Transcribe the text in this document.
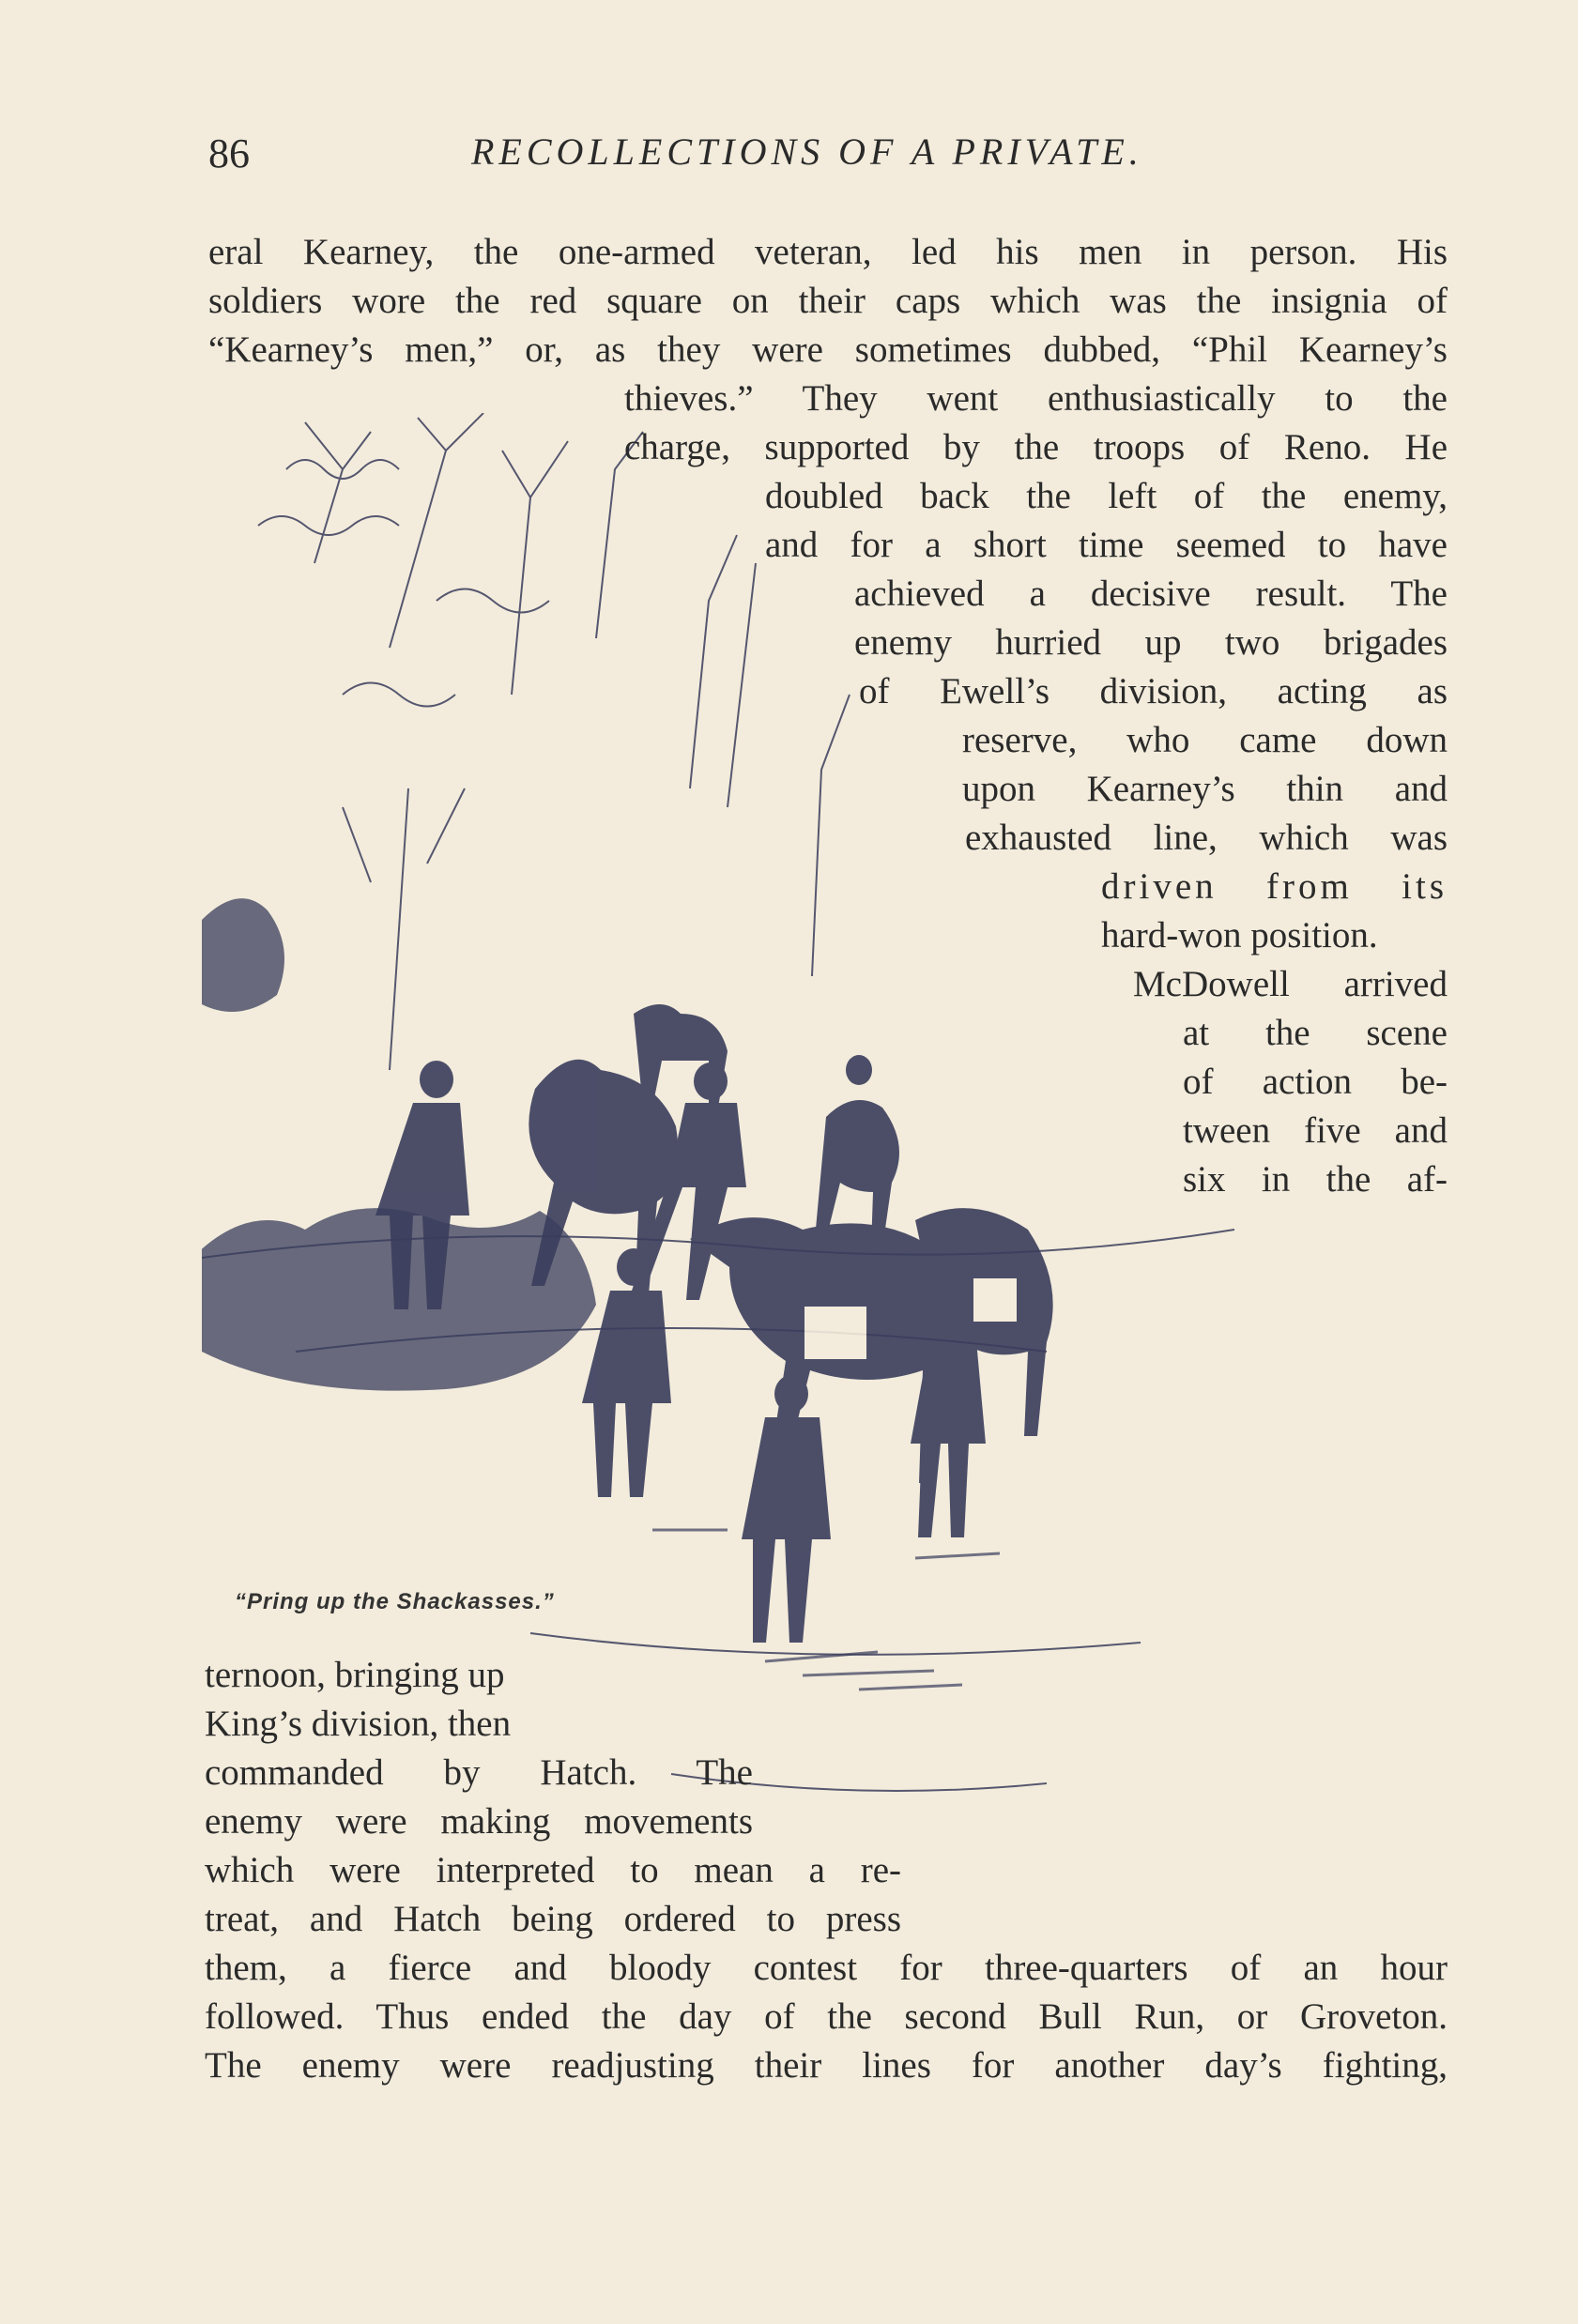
86	RECOLLECTIONS OF A PRIVATE.
“Pring up the Shackasses.”
eral Kearney, the one-armed veteran, led his men in person. His
soldiers wore the red square on their caps which was the insignia of
“Kearney’s men,” or, as they were sometimes dubbed, “Phil Kearney’s
thieves.” They went enthusiastically to the
charge, supported by the troops of Reno. He
doubled back the left of the enemy,
and for a short time seemed to have
achieved a decisive result. The
enemy hurried up two brigades
of Ewell’s division, acting as
reserve, who came down
upon Kearney’s thin and
exhausted line, which was
driven from its
hard-won position.
McDowell arrived
at the scene
of action be-
tween five and
six in the af-
ternoon, bringing up
King’s division, then
commanded by Hatch. The
enemy were making movements
which were interpreted to mean a re-
treat, and Hatch being ordered to press
them, a fierce and bloody contest for three-quarters of an hour
followed. Thus ended the day of the second Bull Run, or Groveton.
The enemy were readjusting their lines for another day’s fighting,
